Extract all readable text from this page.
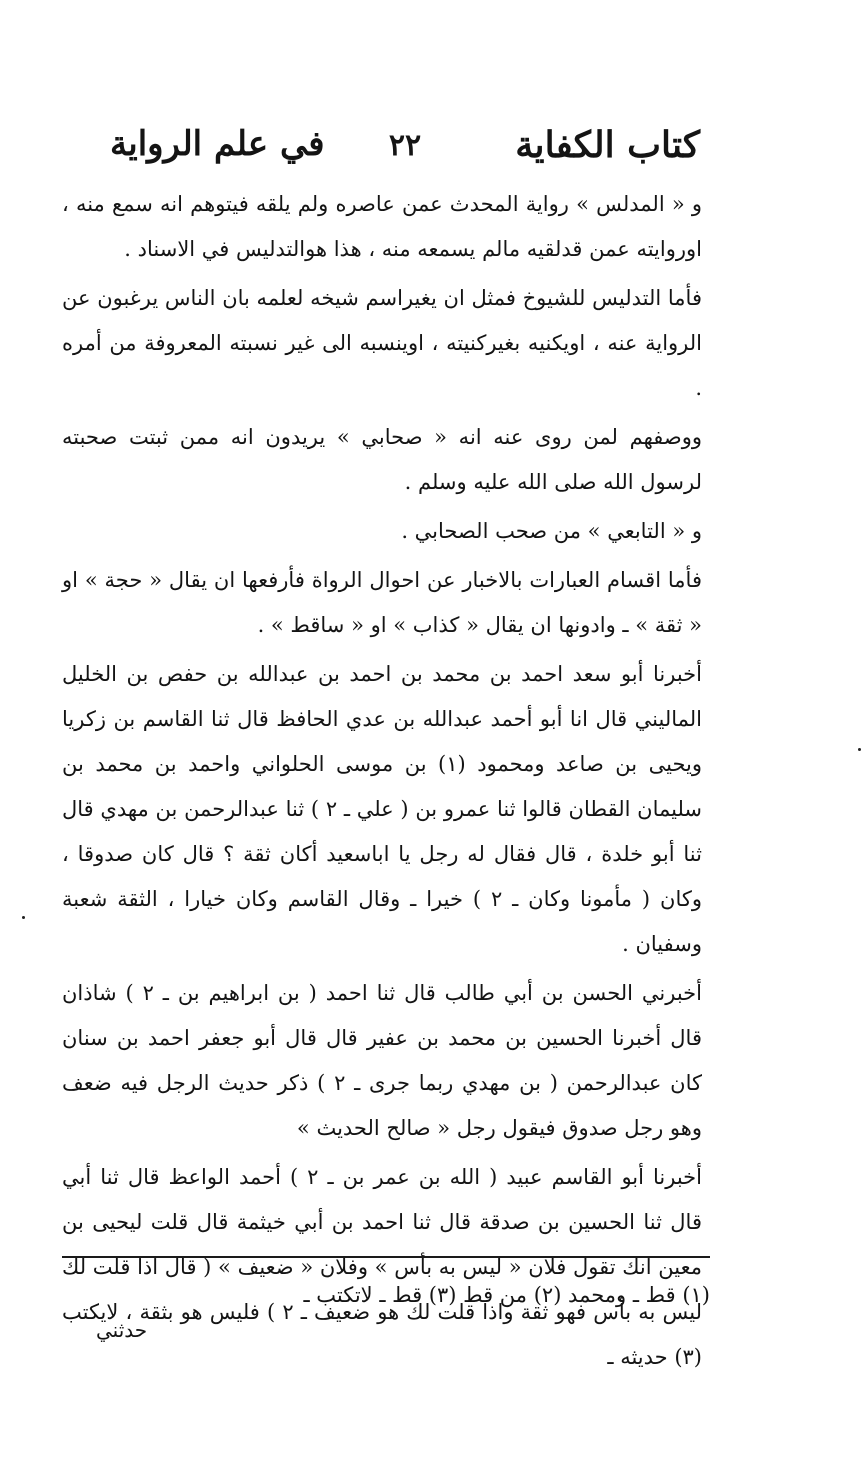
كتاب الكفاية
٢٢
في علم الرواية

و « المدلس » رواية المحدث عمن عاصره ولم يلقه فيتوهم انه سمع منه ، اوروايته عمن قدلقيه مالم يسمعه منه ، هذا هوالتدليس في الاسناد .

فأما التدليس للشيوخ فمثل ان يغيراسم شيخه لعلمه بان الناس يرغبون عن الرواية عنه ، اويكنيه بغيركنيته ، اوينسبه الى غير نسبته المعروفة من أمره .

ووصفهم لمن روى عنه انه « صحابي » يريدون انه ممن ثبتت صحبته لرسول الله صلى الله عليه وسلم .

و « التابعي » من صحب الصحابي .

فأما اقسام العبارات بالاخبار عن احوال الرواة فأرفعها ان يقال « حجة » او « ثقة » ـ وادونها ان يقال « كذاب » او « ساقط » .

أخبرنا أبو سعد احمد بن محمد بن احمد بن عبدالله بن حفص بن الخليل الماليني قال انا أبو أحمد عبدالله بن عدي الحافظ قال ثنا القاسم بن زكريا ويحيى بن صاعد ومحمود (١) بن موسى الحلواني واحمد بن محمد بن سليمان القطان قالوا ثنا عمرو بن ( علي ـ ٢ ) ثنا عبدالرحمن بن مهدي قال ثنا أبو خلدة ، قال فقال له رجل يا اباسعيد أكان ثقة ؟ قال كان صدوقا ، وكان ( مأمونا وكان ـ ٢ ) خيرا ـ وقال القاسم وكان خيارا ، الثقة شعبة وسفيان .

أخبرني الحسن بن أبي طالب قال ثنا احمد ( بن ابراهيم بن ـ ٢ ) شاذان قال أخبرنا الحسين بن محمد بن عفير قال قال أبو جعفر احمد بن سنان كان عبدالرحمن ( بن مهدي ربما جرى ـ ٢ ) ذكر حديث الرجل فيه ضعف وهو رجل صدوق فيقول رجل « صالح الحديث »

أخبرنا أبو القاسم عبيد ( الله بن عمر بن ـ ٢ ) أحمد الواعظ قال ثنا أبي قال ثنا الحسين بن صدقة قال ثنا احمد بن أبي خيثمة قال قلت ليحيى بن معين انك تقول فلان « ليس به بأس » وفلان « ضعيف » ( قال اذا قلت لك ليس به بأس فهو ثقة واذا قلت لك هو ضعيف ـ ٢ ) فليس هو بثقة ، لايكتب (٣) حديثه ـ

(١) قط ـ ومحمد (٢) من قط (٣) قط ـ لاتكتب ـ
حدثني
